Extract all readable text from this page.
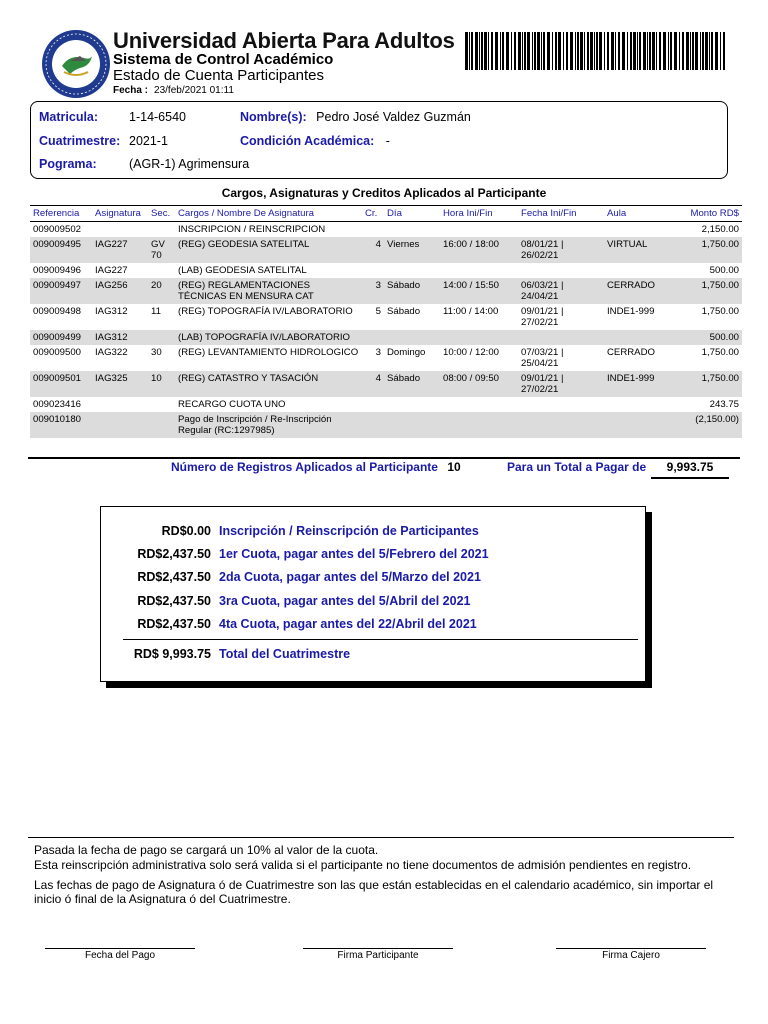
Universidad Abierta Para Adultos
Sistema de Control Académico
Estado de Cuenta Participantes
Fecha : 23/feb/2021 01:11
Matricula: 1-14-6540	Nombre(s): Pedro José Valdez Guzmán
Cuatrimestre: 2021-1	Condición Académica: -
Pograma:	(AGR-1) Agrimensura
Cargos, Asignaturas y Creditos Aplicados al Participante
Referencia	Asignatura	Sec.	Cargos / Nombre De Asignatura	Cr.	Día	Hora Ini/Fin	Fecha Ini/Fin	Aula	Monto RD$
009009502			INSCRIPCION / REINSCRIPCION						2,150.00
009009495	IAG227	GV 70	(REG) GEODESIA SATELITAL	4	Viernes	16:00 / 18:00	08/01/21 | 26/02/21	VIRTUAL	1,750.00
009009496	IAG227		(LAB) GEODESIA SATELITAL						500.00
009009497	IAG256	20	(REG) REGLAMENTACIONES TÉCNICAS EN MENSURA CAT	3	Sábado	14:00 / 15:50	06/03/21 | 24/04/21	CERRADO	1,750.00
009009498	IAG312	11	(REG) TOPOGRAFÍA IV/LABORATORIO	5	Sábado	11:00 / 14:00	09/01/21 | 27/02/21	INDE1-999	1,750.00
009009499	IAG312		(LAB) TOPOGRAFÍA IV/LABORATORIO						500.00
009009500	IAG322	30	(REG) LEVANTAMIENTO HIDROLOGICO	3	Domingo	10:00 / 12:00	07/03/21 | 25/04/21	CERRADO	1,750.00
009009501	IAG325	10	(REG) CATASTRO Y TASACIÓN	4	Sábado	08:00 / 09:50	09/01/21 | 27/02/21	INDE1-999	1,750.00
009023416			RECARGO CUOTA UNO						243.75
009010180			Pago de Inscripción / Re-Inscripción Regular (RC:1297985)						(2,150.00)
Número de Registros Aplicados al Participante 10	Para un Total a Pagar de	9,993.75
RD$0.00 Inscripción / Reinscripción de Participantes
RD$2,437.50 1er Cuota, pagar antes del 5/Febrero del 2021
RD$2,437.50 2da Cuota, pagar antes del 5/Marzo del 2021
RD$2,437.50 3ra Cuota, pagar antes del 5/Abril del 2021
RD$2,437.50 4ta Cuota, pagar antes del 22/Abril del 2021
RD$ 9,993.75 Total del Cuatrimestre

Pasada la fecha de pago se cargará un 10% al valor de la cuota.

Esta reinscripción administrativa solo será valida si el participante no tiene documentos de admisión pendientes en registro.

Las fechas de pago de Asignatura ó de Cuatrimestre son las que están establecidas en el calendario académico, sin importar el inicio ó final de la Asignatura ó del Cuatrimestre.

Fecha del Pago	Firma Participante	Firma Cajero
